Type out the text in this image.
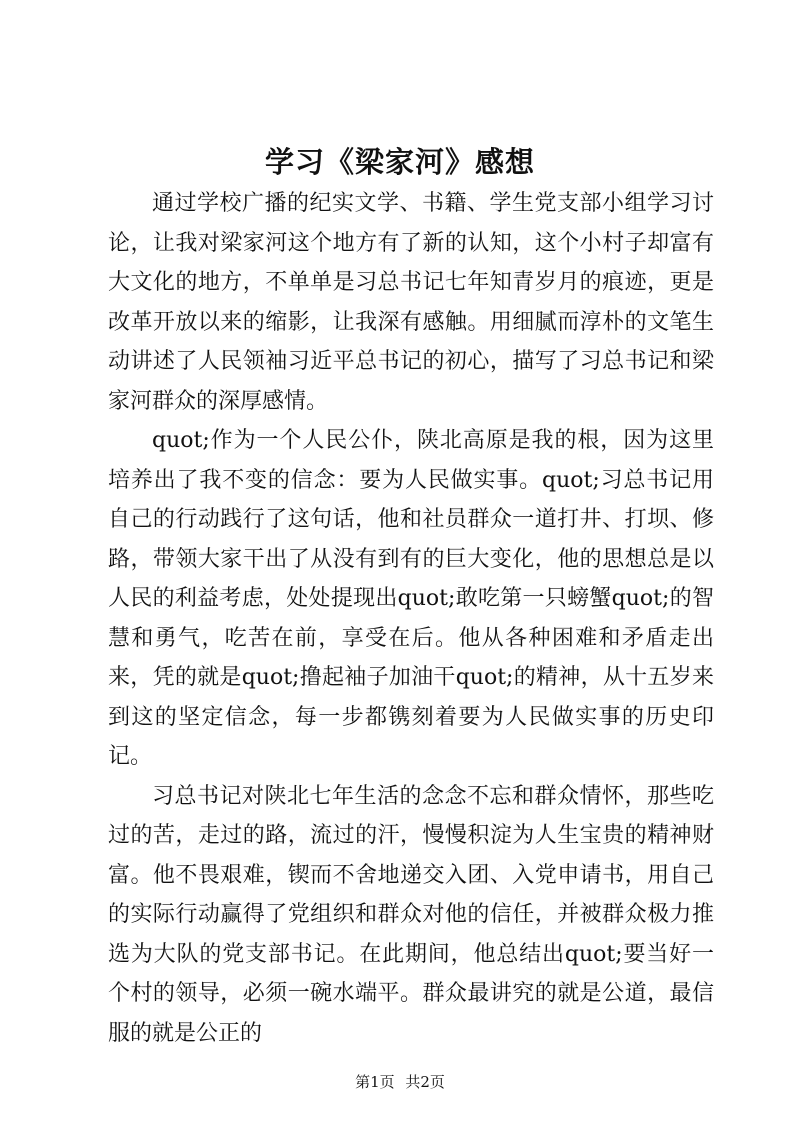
学习《梁家河》感想

通过学校广播的纪实文学、书籍、学生党支部小组学习讨论，让我对梁家河这个地方有了新的认知，这个小村子却富有大文化的地方，不单单是习总书记七年知青岁月的痕迹，更是改革开放以来的缩影，让我深有感触。用细腻而淳朴的文笔生动讲述了人民领袖习近平总书记的初心，描写了习总书记和梁家河群众的深厚感情。

quot;作为一个人民公仆，陕北高原是我的根，因为这里培养出了我不变的信念：要为人民做实事。quot;习总书记用自己的行动践行了这句话，他和社员群众一道打井、打坝、修路，带领大家干出了从没有到有的巨大变化，他的思想总是以人民的利益考虑，处处提现出quot;敢吃第一只螃蟹quot;的智慧和勇气，吃苦在前，享受在后。他从各种困难和矛盾走出来，凭的就是quot;撸起袖子加油干quot;的精神，从十五岁来到这的坚定信念，每一步都镌刻着要为人民做实事的历史印记。

习总书记对陕北七年生活的念念不忘和群众情怀，那些吃过的苦，走过的路，流过的汗，慢慢积淀为人生宝贵的精神财富。他不畏艰难，锲而不舍地递交入团、入党申请书，用自己的实际行动赢得了党组织和群众对他的信任，并被群众极力推选为大队的党支部书记。在此期间，他总结出quot;要当好一个村的领导，必须一碗水端平。群众最讲究的就是公道，最信服的就是公正的

第1页 共2页
